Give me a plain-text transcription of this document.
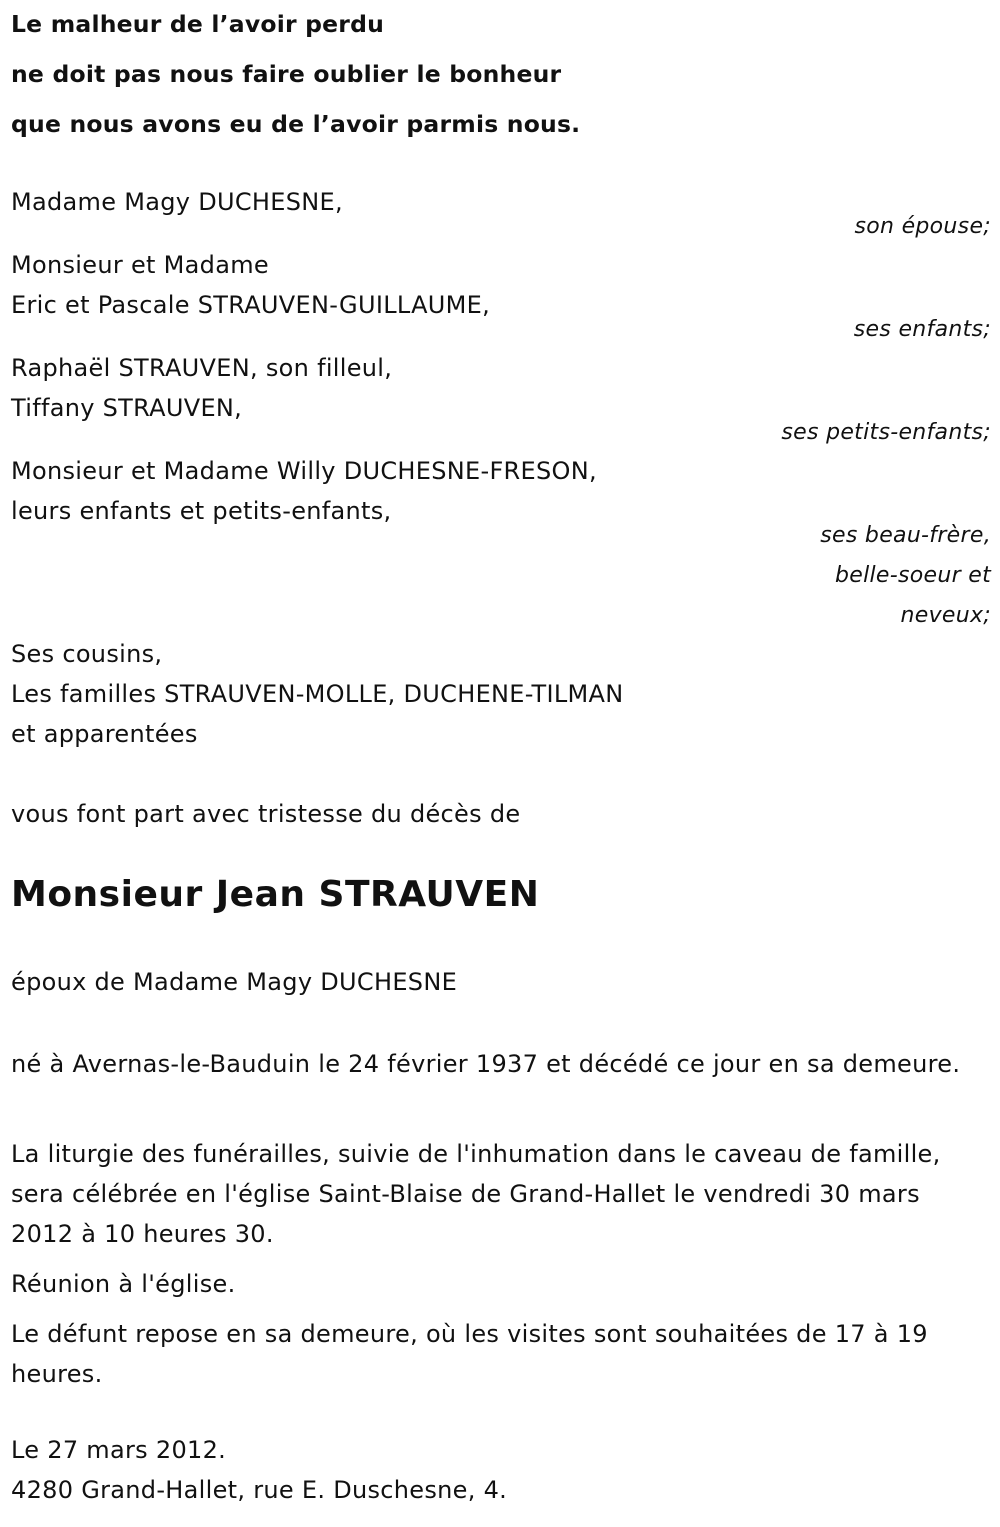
Le malheur de l’avoir perdu
ne doit pas nous faire oublier le bonheur
que nous avons eu de l’avoir parmis nous.
Madame Magy DUCHESNE,
son épouse;
Monsieur et Madame
Eric et Pascale STRAUVEN-GUILLAUME,
ses enfants;
Raphaël STRAUVEN, son filleul,
Tiffany STRAUVEN,
ses petits-enfants;
Monsieur et Madame Willy DUCHESNE-FRESON,
leurs enfants et petits-enfants,
ses beau-frère,
belle-soeur et
neveux;
Ses cousins,
Les familles STRAUVEN-MOLLE, DUCHENE-TILMAN
et apparentées
vous font part avec tristesse du décès de
Monsieur Jean STRAUVEN
époux de Madame Magy DUCHESNE
né à Avernas-le-Bauduin le 24 février 1937 et décédé ce jour en sa demeure.
La liturgie des funérailles, suivie de l'inhumation dans le caveau de famille, sera célébrée en l'église Saint-Blaise de Grand-Hallet le vendredi 30 mars 2012 à 10 heures 30.
Réunion à l'église.
Le défunt repose en sa demeure, où les visites sont souhaitées de 17 à 19 heures.
Le 27 mars 2012.
4280 Grand-Hallet, rue E. Duschesne, 4.
